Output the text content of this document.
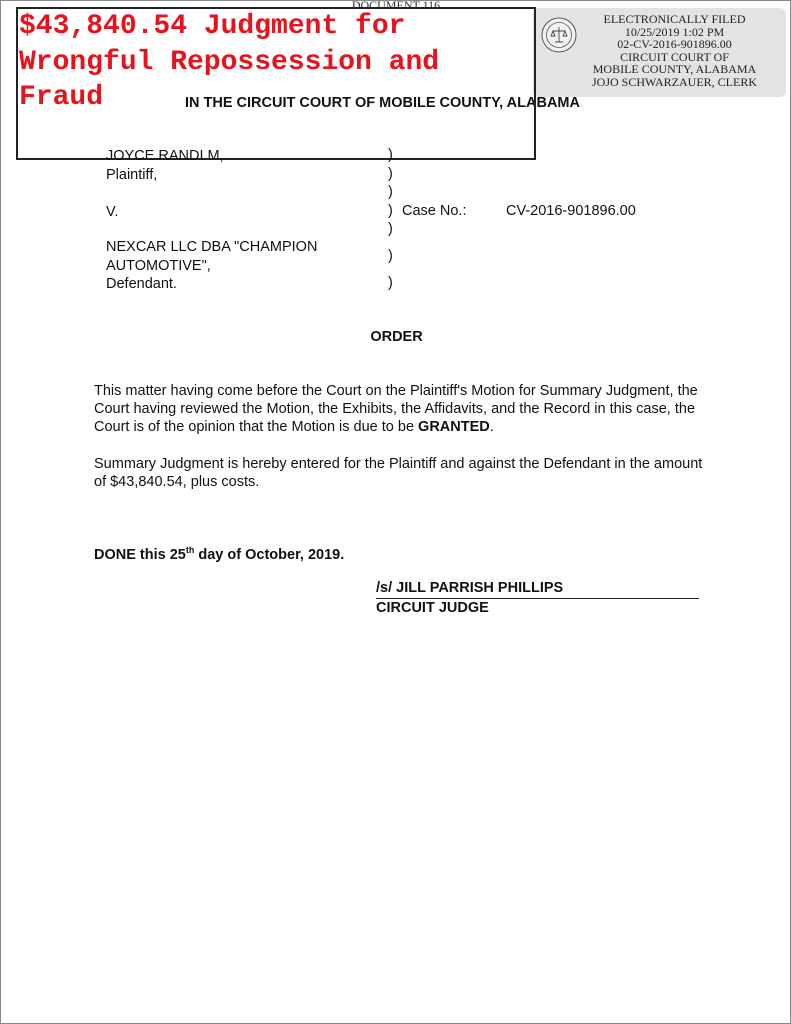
DOCUMENT 116
ELECTRONICALLY FILED
10/25/2019 1:02 PM
02-CV-2016-901896.00
CIRCUIT COURT OF
MOBILE COUNTY, ALABAMA
JOJO SCHWARZAUER, CLERK
IN THE CIRCUIT COURT OF MOBILE COUNTY, ALABAMA
$43,840.54 Judgment for Wrongful Repossession and Fraud
JOYCE RANDI M,
Plaintiff,
V.
NEXCAR LLC DBA "CHAMPION
AUTOMOTIVE",
Defendant.
)
)
)
)
)
)
)
Case No.:	CV-2016-901896.00
ORDER

This matter having come before the Court on the Plaintiff's Motion for Summary Judgment, the Court having reviewed the Motion, the Exhibits, the Affidavits, and the Record in this case, the Court is of the opinion that the Motion is due to be GRANTED.

Summary Judgment is hereby entered for the Plaintiff and against the Defendant in the amount of $43,840.54, plus costs.

DONE this 25th day of October, 2019.
/s/ JILL PARRISH PHILLIPS
CIRCUIT JUDGE
